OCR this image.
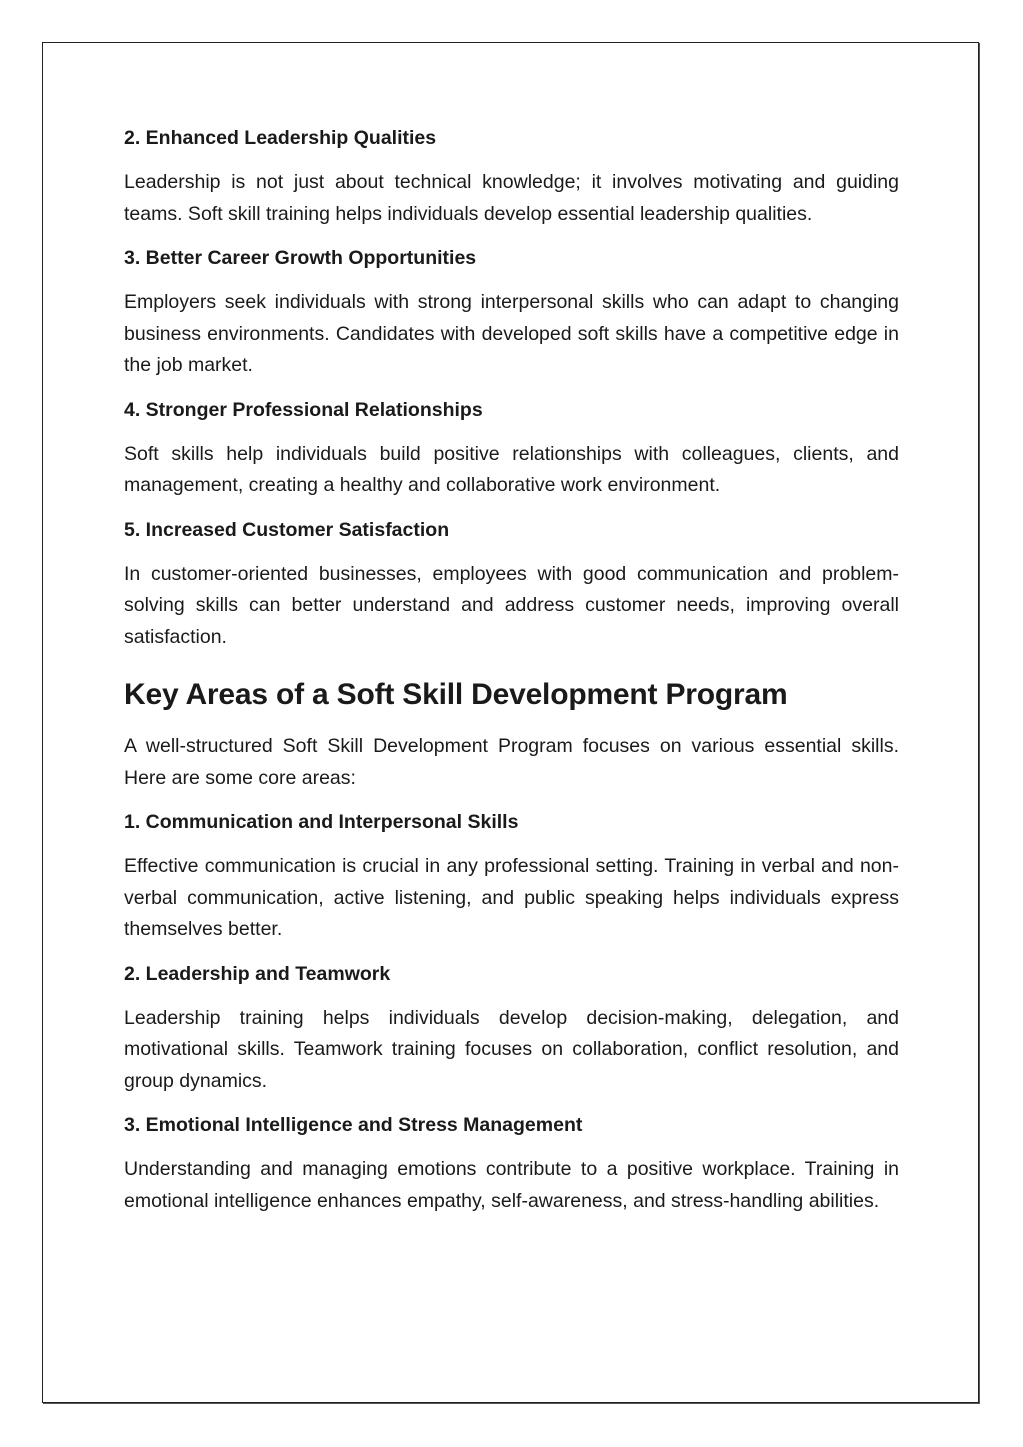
2. Enhanced Leadership Qualities

Leadership is not just about technical knowledge; it involves motivating and guiding teams. Soft skill training helps individuals develop essential leadership qualities.

3. Better Career Growth Opportunities

Employers seek individuals with strong interpersonal skills who can adapt to changing business environments. Candidates with developed soft skills have a competitive edge in the job market.

4. Stronger Professional Relationships

Soft skills help individuals build positive relationships with colleagues, clients, and management, creating a healthy and collaborative work environment.

5. Increased Customer Satisfaction

In customer-oriented businesses, employees with good communication and problem-solving skills can better understand and address customer needs, improving overall satisfaction.

Key Areas of a Soft Skill Development Program

A well-structured Soft Skill Development Program focuses on various essential skills. Here are some core areas:

1. Communication and Interpersonal Skills

Effective communication is crucial in any professional setting. Training in verbal and non-verbal communication, active listening, and public speaking helps individuals express themselves better.

2. Leadership and Teamwork

Leadership training helps individuals develop decision-making, delegation, and motivational skills. Teamwork training focuses on collaboration, conflict resolution, and group dynamics.

3. Emotional Intelligence and Stress Management

Understanding and managing emotions contribute to a positive workplace. Training in emotional intelligence enhances empathy, self-awareness, and stress-handling abilities.
